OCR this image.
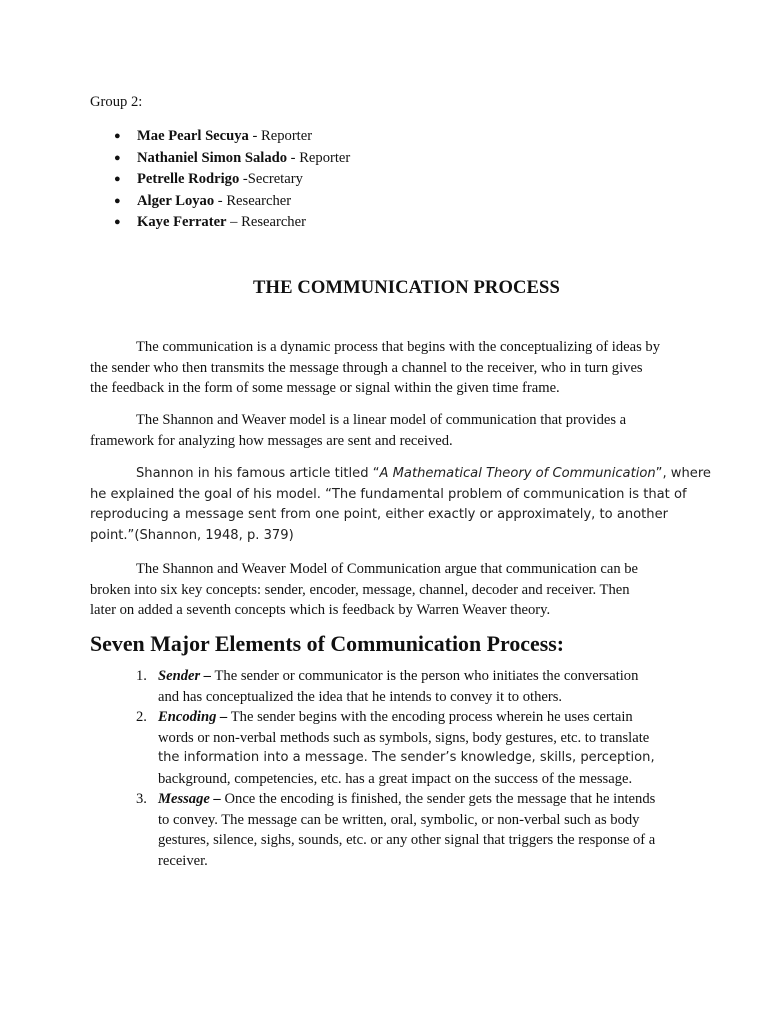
Group 2:

● Mae Pearl Secuya - Reporter
● Nathaniel Simon Salado - Reporter
● Petrelle Rodrigo -Secretary
● Alger Loyao - Researcher
● Kaye Ferrater – Researcher
THE COMMUNICATION PROCESS

The communication is a dynamic process that begins with the conceptualizing of ideas by
the sender who then transmits the message through a channel to the receiver, who in turn gives
the feedback in the form of some message or signal within the given time frame.

The Shannon and Weaver model is a linear model of communication that provides a
framework for analyzing how messages are sent and received.

Shannon in his famous article titled “A Mathematical Theory of Communication”, where
he explained the goal of his model. “The fundamental problem of communication is that of
reproducing a message sent from one point, either exactly or approximately, to another
point.”(Shannon, 1948, p. 379)

The Shannon and Weaver Model of Communication argue that communication can be
broken into six key concepts: sender, encoder, message, channel, decoder and receiver. Then
later on added a seventh concepts which is feedback by Warren Weaver theory.

Seven Major Elements of Communication Process:
1. Sender – The sender or communicator is the person who initiates the conversation
and has conceptualized the idea that he intends to convey it to others.
2. Encoding – The sender begins with the encoding process wherein he uses certain
words or non-verbal methods such as symbols, signs, body gestures, etc. to translate
the information into a message. The sender’s knowledge, skills, perception,
background, competencies, etc. has a great impact on the success of the message.
3. Message – Once the encoding is finished, the sender gets the message that he intends
to convey. The message can be written, oral, symbolic, or non-verbal such as body
gestures, silence, sighs, sounds, etc. or any other signal that triggers the response of a
receiver.
